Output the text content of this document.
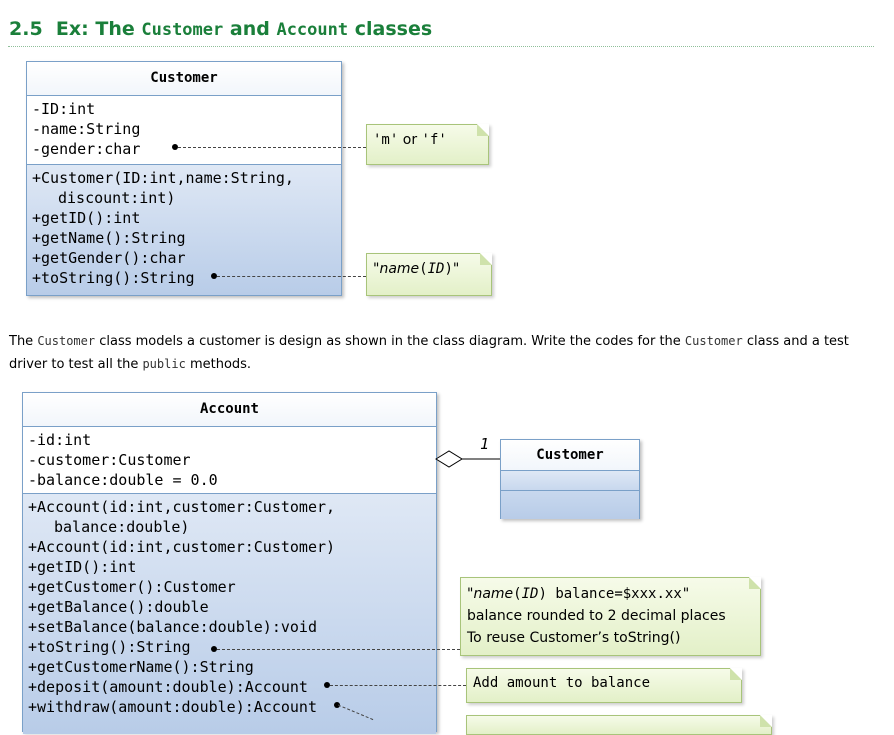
2.5 Ex: The Customer and Account classes
Customer
-ID:int
-name:String
-gender:char
+Customer(ID:int,name:String,
discount:int)
+getID():int
+getName():String
+getGender():char
+toString():String
'm' or 'f'
"name(ID)"
The Customer class models a customer is design as shown in the class diagram. Write the codes for the Customer class and a test driver to test all the public methods.
Account
-id:int
-customer:Customer
-balance:double = 0.0
+Account(id:int,customer:Customer,
balance:double)
+Account(id:int,customer:Customer)
+getID():int
+getCustomer():Customer
+getBalance():double
+setBalance(balance:double):void
+toString():String
+getCustomerName():String
+deposit(amount:double):Account
+withdraw(amount:double):Account
1
Customer
"name(ID) balance=$xxx.xx"
balance rounded to 2 decimal places
To reuse Customer’s toString()
Add amount to balance
